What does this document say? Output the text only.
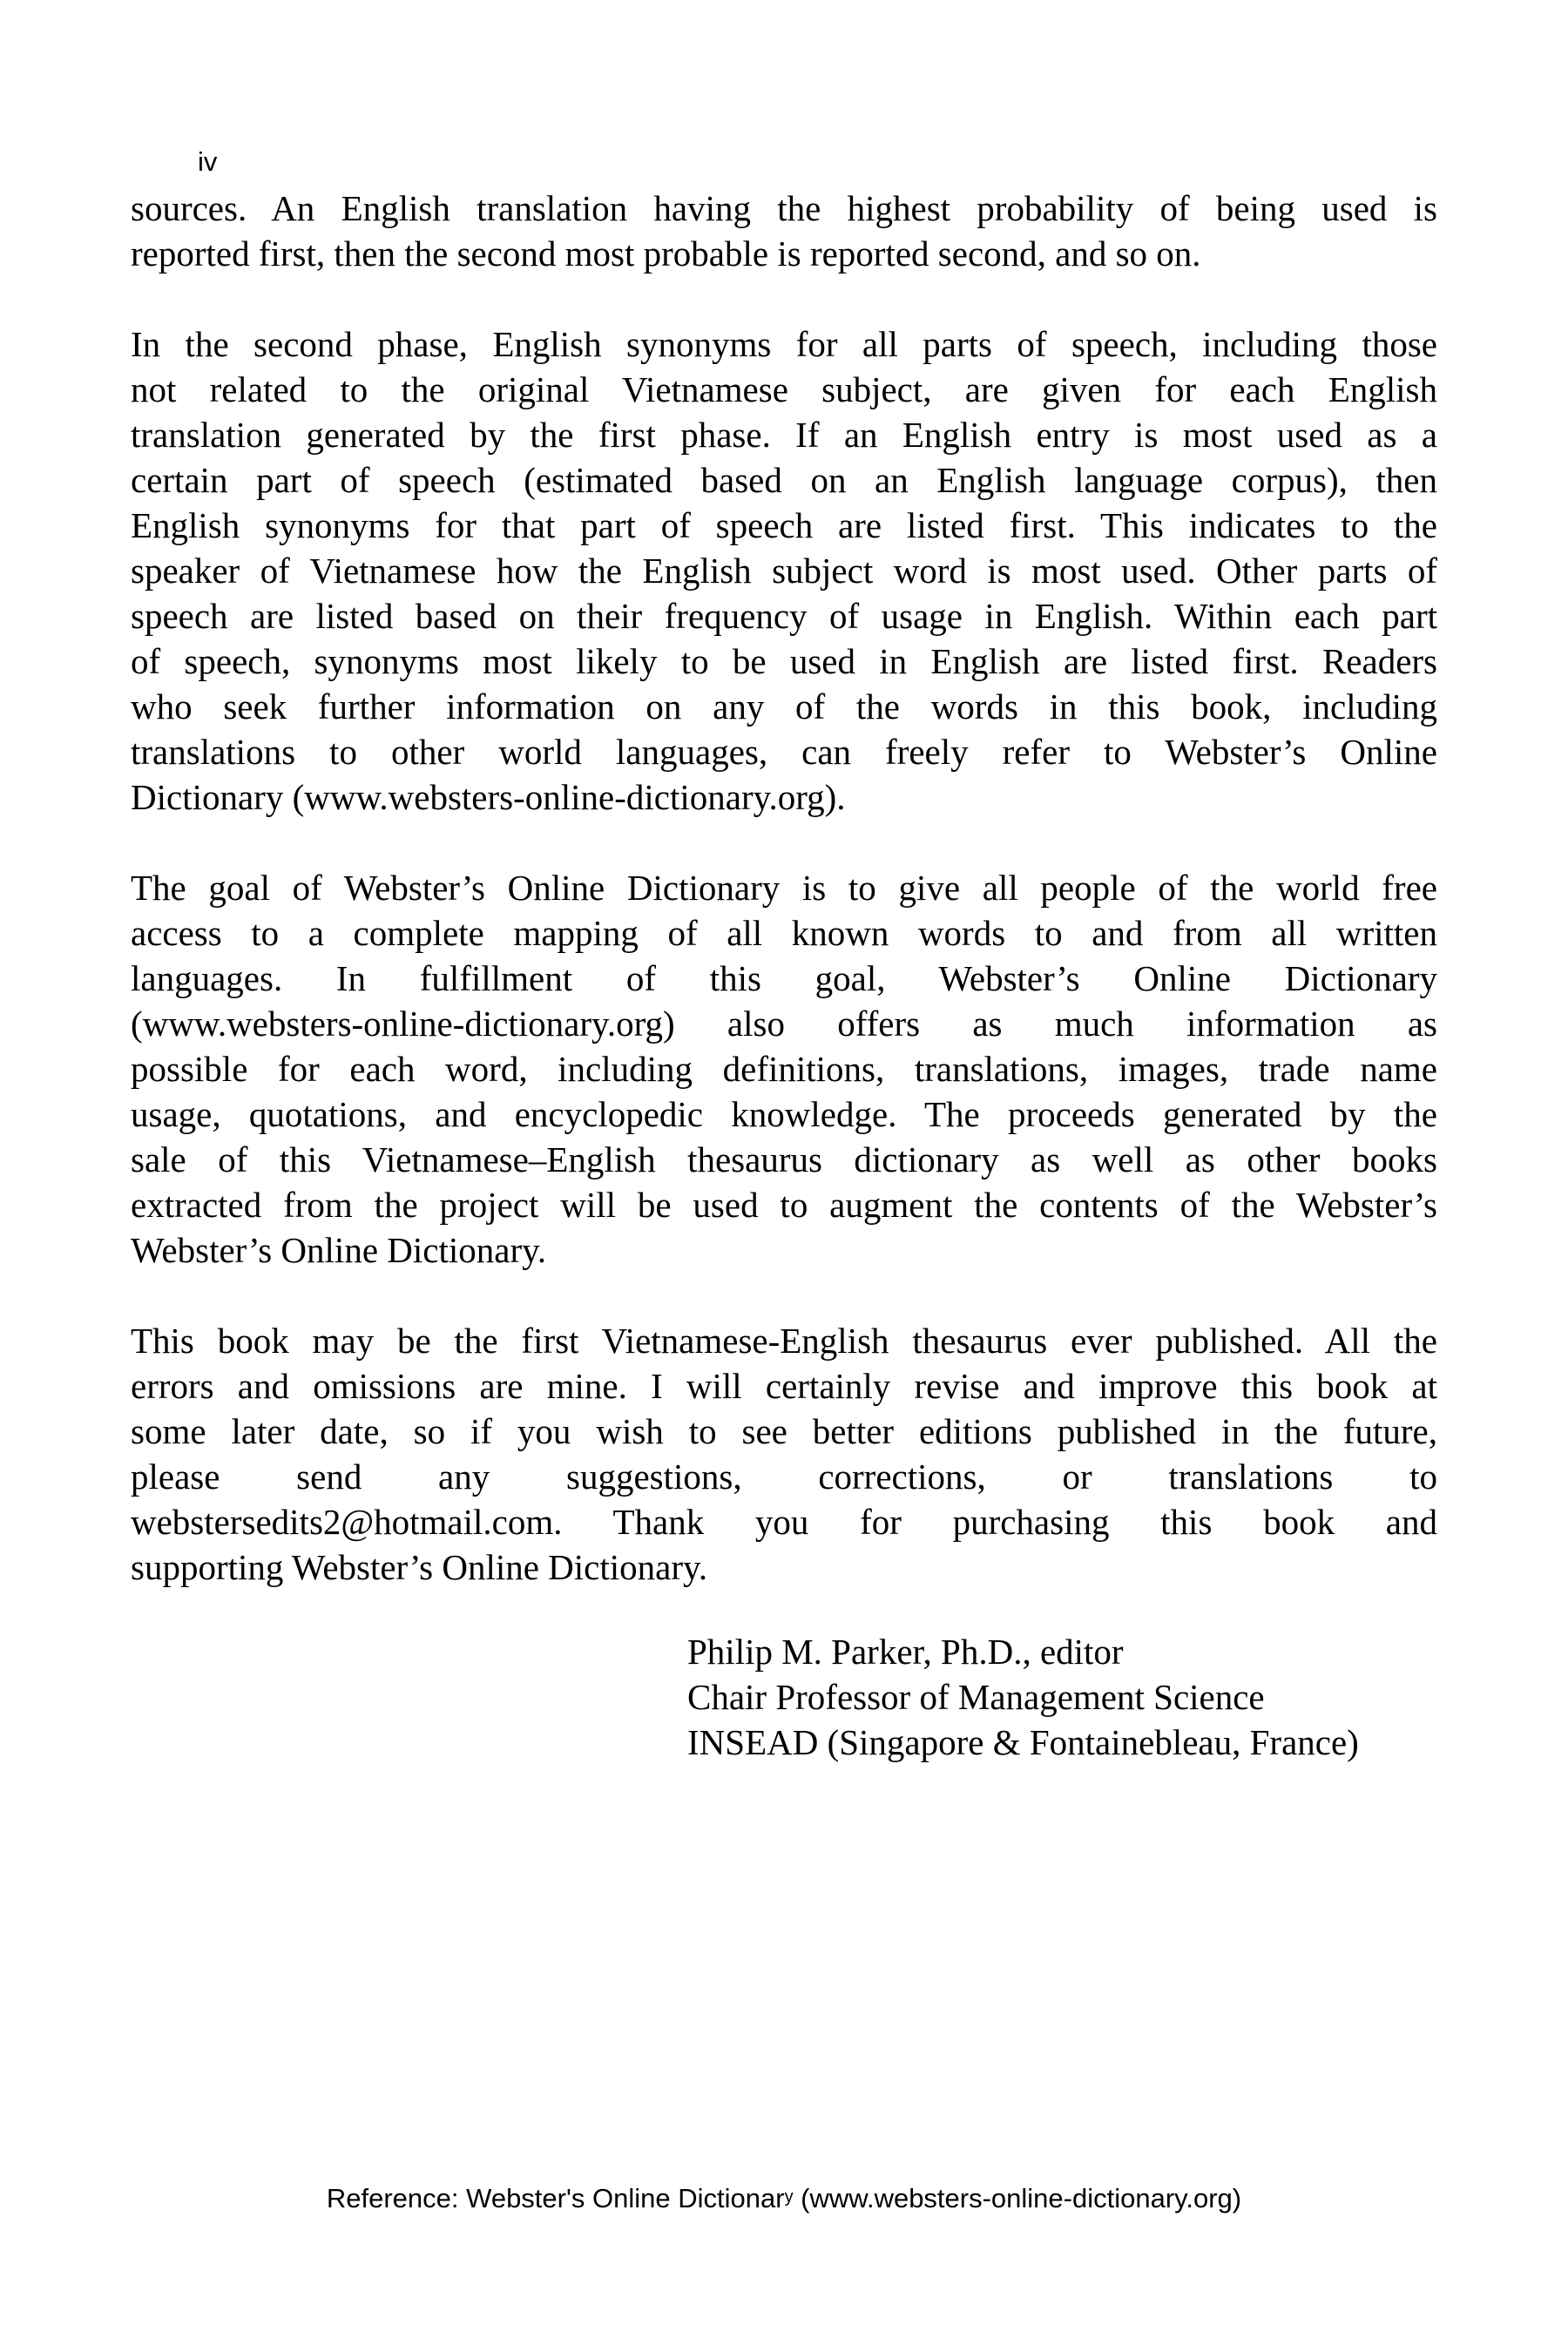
iv
sources. An English translation having the highest probability of being used is
reported first, then the second most probable is reported second, and so on.
In the second phase, English synonyms for all parts of speech, including those
not related to the original Vietnamese subject, are given for each English
translation generated by the first phase. If an English entry is most used as a
certain part of speech (estimated based on an English language corpus), then
English synonyms for that part of speech are listed first. This indicates to the
speaker of Vietnamese how the English subject word is most used. Other parts of
speech are listed based on their frequency of usage in English. Within each part
of speech, synonyms most likely to be used in English are listed first. Readers
who seek further information on any of the words in this book, including
translations to other world languages, can freely refer to Webster’s Online
Dictionary (www.websters-online-dictionary.org).
The goal of Webster’s Online Dictionary is to give all people of the world free
access to a complete mapping of all known words to and from all written
languages. In fulfillment of this goal, Webster’s Online Dictionary
(www.websters-online-dictionary.org) also offers as much information as
possible for each word, including definitions, translations, images, trade name
usage, quotations, and encyclopedic knowledge. The proceeds generated by the
sale of this Vietnamese–English thesaurus dictionary as well as other books
extracted from the project will be used to augment the contents of the Webster’s
Webster’s Online Dictionary.
This book may be the first Vietnamese-English thesaurus ever published. All the
errors and omissions are mine. I will certainly revise and improve this book at
some later date, so if you wish to see better editions published in the future,
please send any suggestions, corrections, or translations to
webstersedits2@hotmail.com. Thank you for purchasing this book and
supporting Webster’s Online Dictionary.
Philip M. Parker, Ph.D., editor
Chair Professor of Management Science
INSEAD (Singapore & Fontainebleau, France)
Reference: Webster's Online Dictionary (www.websters-online-dictionary.org)
